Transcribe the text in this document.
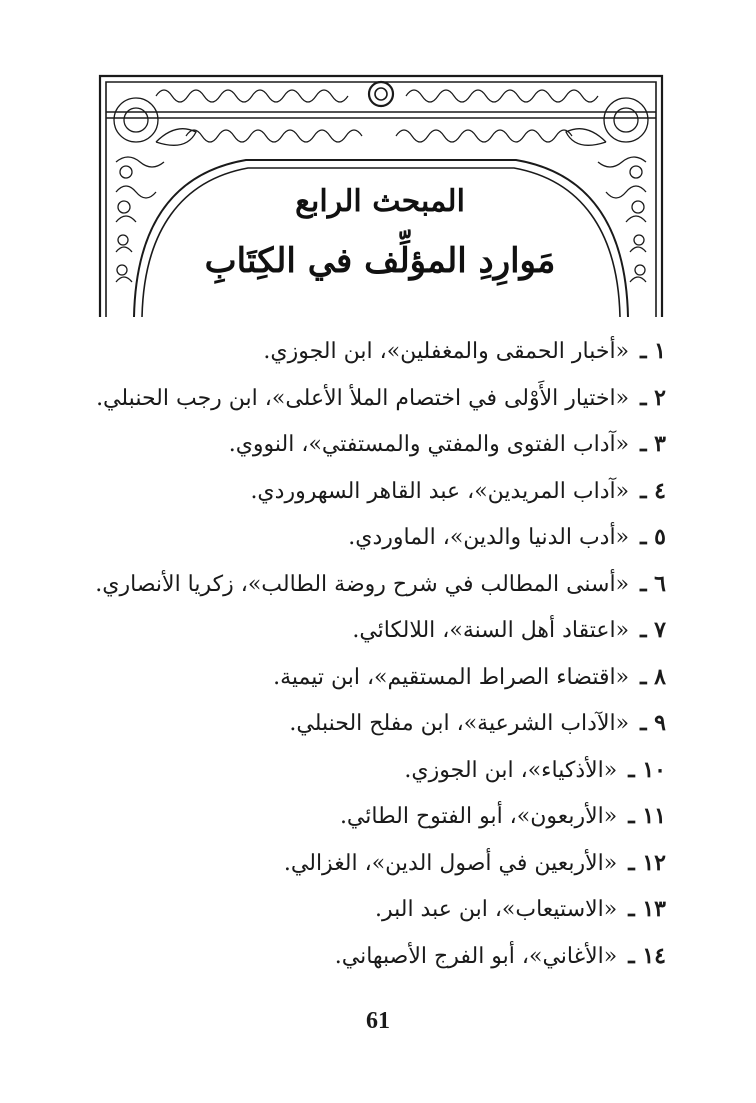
المبحث الرابع
مَوارِدِ المؤلِّف في الكِتَابِ
١ ـ «أخبار الحمقى والمغفلين»، ابن الجوزي.
٢ ـ «اختيار الأَوْلى في اختصام الملأ الأعلى»، ابن رجب الحنبلي.
٣ ـ «آداب الفتوى والمفتي والمستفتي»، النووي.
٤ ـ «آداب المريدين»، عبد القاهر السهروردي.
٥ ـ «أدب الدنيا والدين»، الماوردي.
٦ ـ «أسنى المطالب في شرح روضة الطالب»، زكريا الأنصاري.
٧ ـ «اعتقاد أهل السنة»، اللالكائي.
٨ ـ «اقتضاء الصراط المستقيم»، ابن تيمية.
٩ ـ «الآداب الشرعية»، ابن مفلح الحنبلي.
١٠ ـ «الأذكياء»، ابن الجوزي.
١١ ـ «الأربعون»، أبو الفتوح الطائي.
١٢ ـ «الأربعين في أصول الدين»، الغزالي.
١٣ ـ «الاستيعاب»، ابن عبد البر.
١٤ ـ «الأغاني»، أبو الفرج الأصبهاني.
61
